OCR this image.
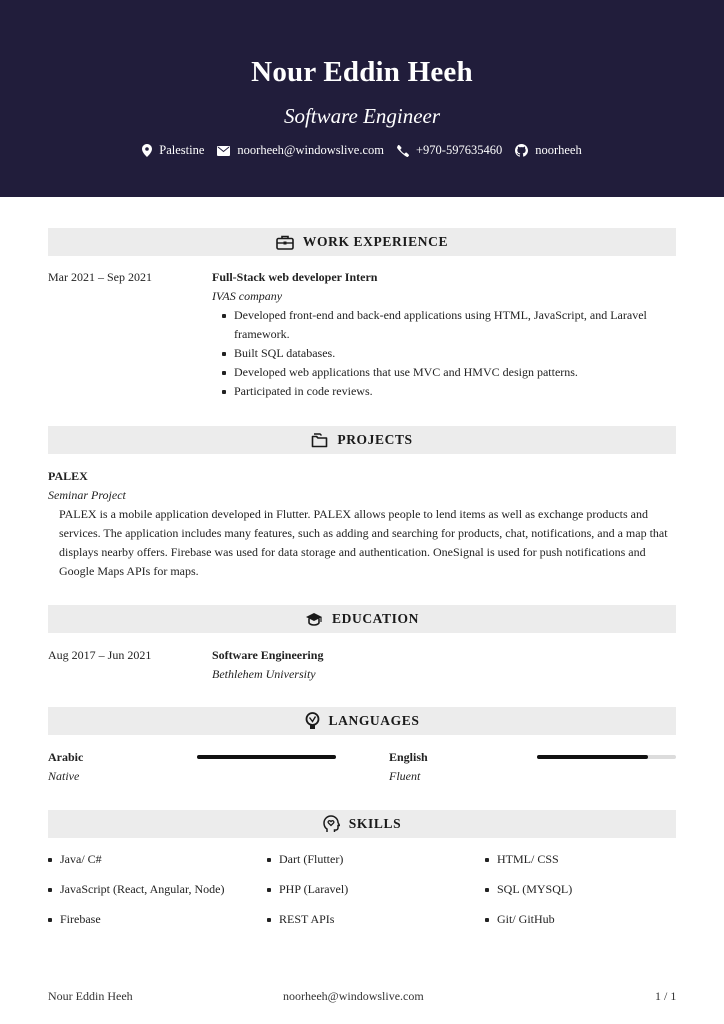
Nour Eddin Heeh
Software Engineer
Palestine	noorheeh@windowslive.com	+970-597635460	noorheeh
WORK EXPERIENCE
Mar 2021 – Sep 2021	Full-Stack web developer Intern
IVAS company
Developed front-end and back-end applications using HTML, JavaScript, and Laravel framework.
Built SQL databases.
Developed web applications that use MVC and HMVC design patterns.
Participated in code reviews.
PROJECTS
PALEX
Seminar Project
PALEX is a mobile application developed in Flutter. PALEX allows people to lend items as well as exchange products and services. The application includes many features, such as adding and searching for products, chat, notifications, and a map that displays nearby offers. Firebase was used for data storage and authentication. OneSignal is used for push notifications and Google Maps APIs for maps.
EDUCATION
Aug 2017 – Jun 2021	Software Engineering
Bethlehem University
LANGUAGES
Arabic
Native
English
Fluent
SKILLS
Java/ C#	Dart (Flutter)	HTML/ CSS
JavaScript (React, Angular, Node)	PHP (Laravel)	SQL (MYSQL)
Firebase	REST APIs	Git/ GitHub
Nour Eddin Heeh	noorheeh@windowslive.com	1 / 1
